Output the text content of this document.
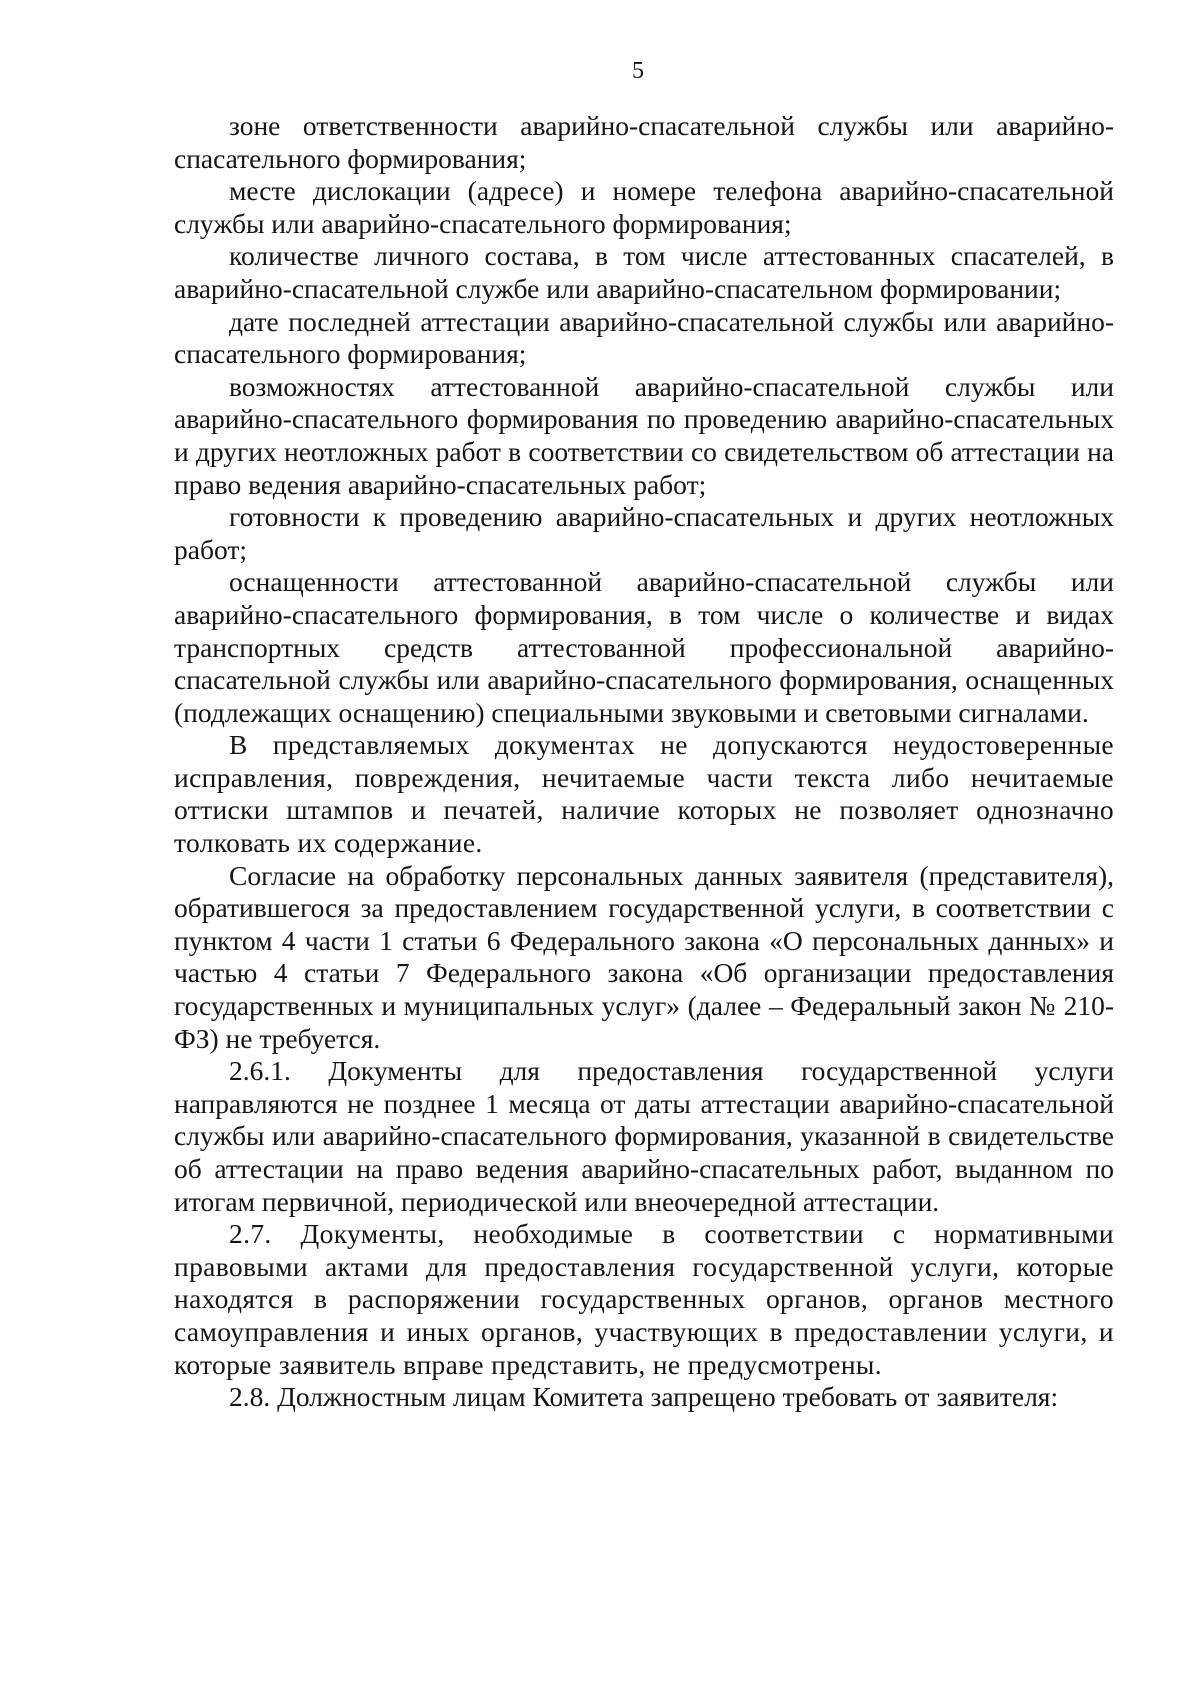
5

зоне ответственности аварийно-спасательной службы или аварийно-спасательного формирования;

месте дислокации (адресе) и номере телефона аварийно-спасательной службы или аварийно-спасательного формирования;

количестве личного состава, в том числе аттестованных спасателей, в аварийно-спасательной службе или аварийно-спасательном формировании;

дате последней аттестации аварийно-спасательной службы или аварийно-спасательного формирования;

возможностях аттестованной аварийно-спасательной службы или аварийно-спасательного формирования по проведению аварийно-спасательных и других неотложных работ в соответствии со свидетельством об аттестации на право ведения аварийно-спасательных работ;

готовности к проведению аварийно-спасательных и других неотложных работ;

оснащенности аттестованной аварийно-спасательной службы или аварийно-спасательного формирования, в том числе о количестве и видах транспортных средств аттестованной профессиональной аварийно-спасательной службы или аварийно-спасательного формирования, оснащенных (подлежащих оснащению) специальными звуковыми и световыми сигналами.

В представляемых документах не допускаются неудостоверенные исправления, повреждения, нечитаемые части текста либо нечитаемые оттиски штампов и печатей, наличие которых не позволяет однозначно толковать их содержание.

Согласие на обработку персональных данных заявителя (представителя), обратившегося за предоставлением государственной услуги, в соответствии с пунктом 4 части 1 статьи 6 Федерального закона «О персональных данных» и частью 4 статьи 7 Федерального закона «Об организации предоставления государственных и муниципальных услуг» (далее – Федеральный закон № 210-ФЗ) не требуется.

2.6.1. Документы для предоставления государственной услуги направляются не позднее 1 месяца от даты аттестации аварийно-спасательной службы или аварийно-спасательного формирования, указанной в свидетельстве об аттестации на право ведения аварийно-спасательных работ, выданном по итогам первичной, периодической или внеочередной аттестации.

2.7. Документы, необходимые в соответствии с нормативными правовыми актами для предоставления государственной услуги, которые находятся в распоряжении государственных органов, органов местного самоуправления и иных органов, участвующих в предоставлении услуги, и которые заявитель вправе представить, не предусмотрены.

2.8. Должностным лицам Комитета запрещено требовать от заявителя:
